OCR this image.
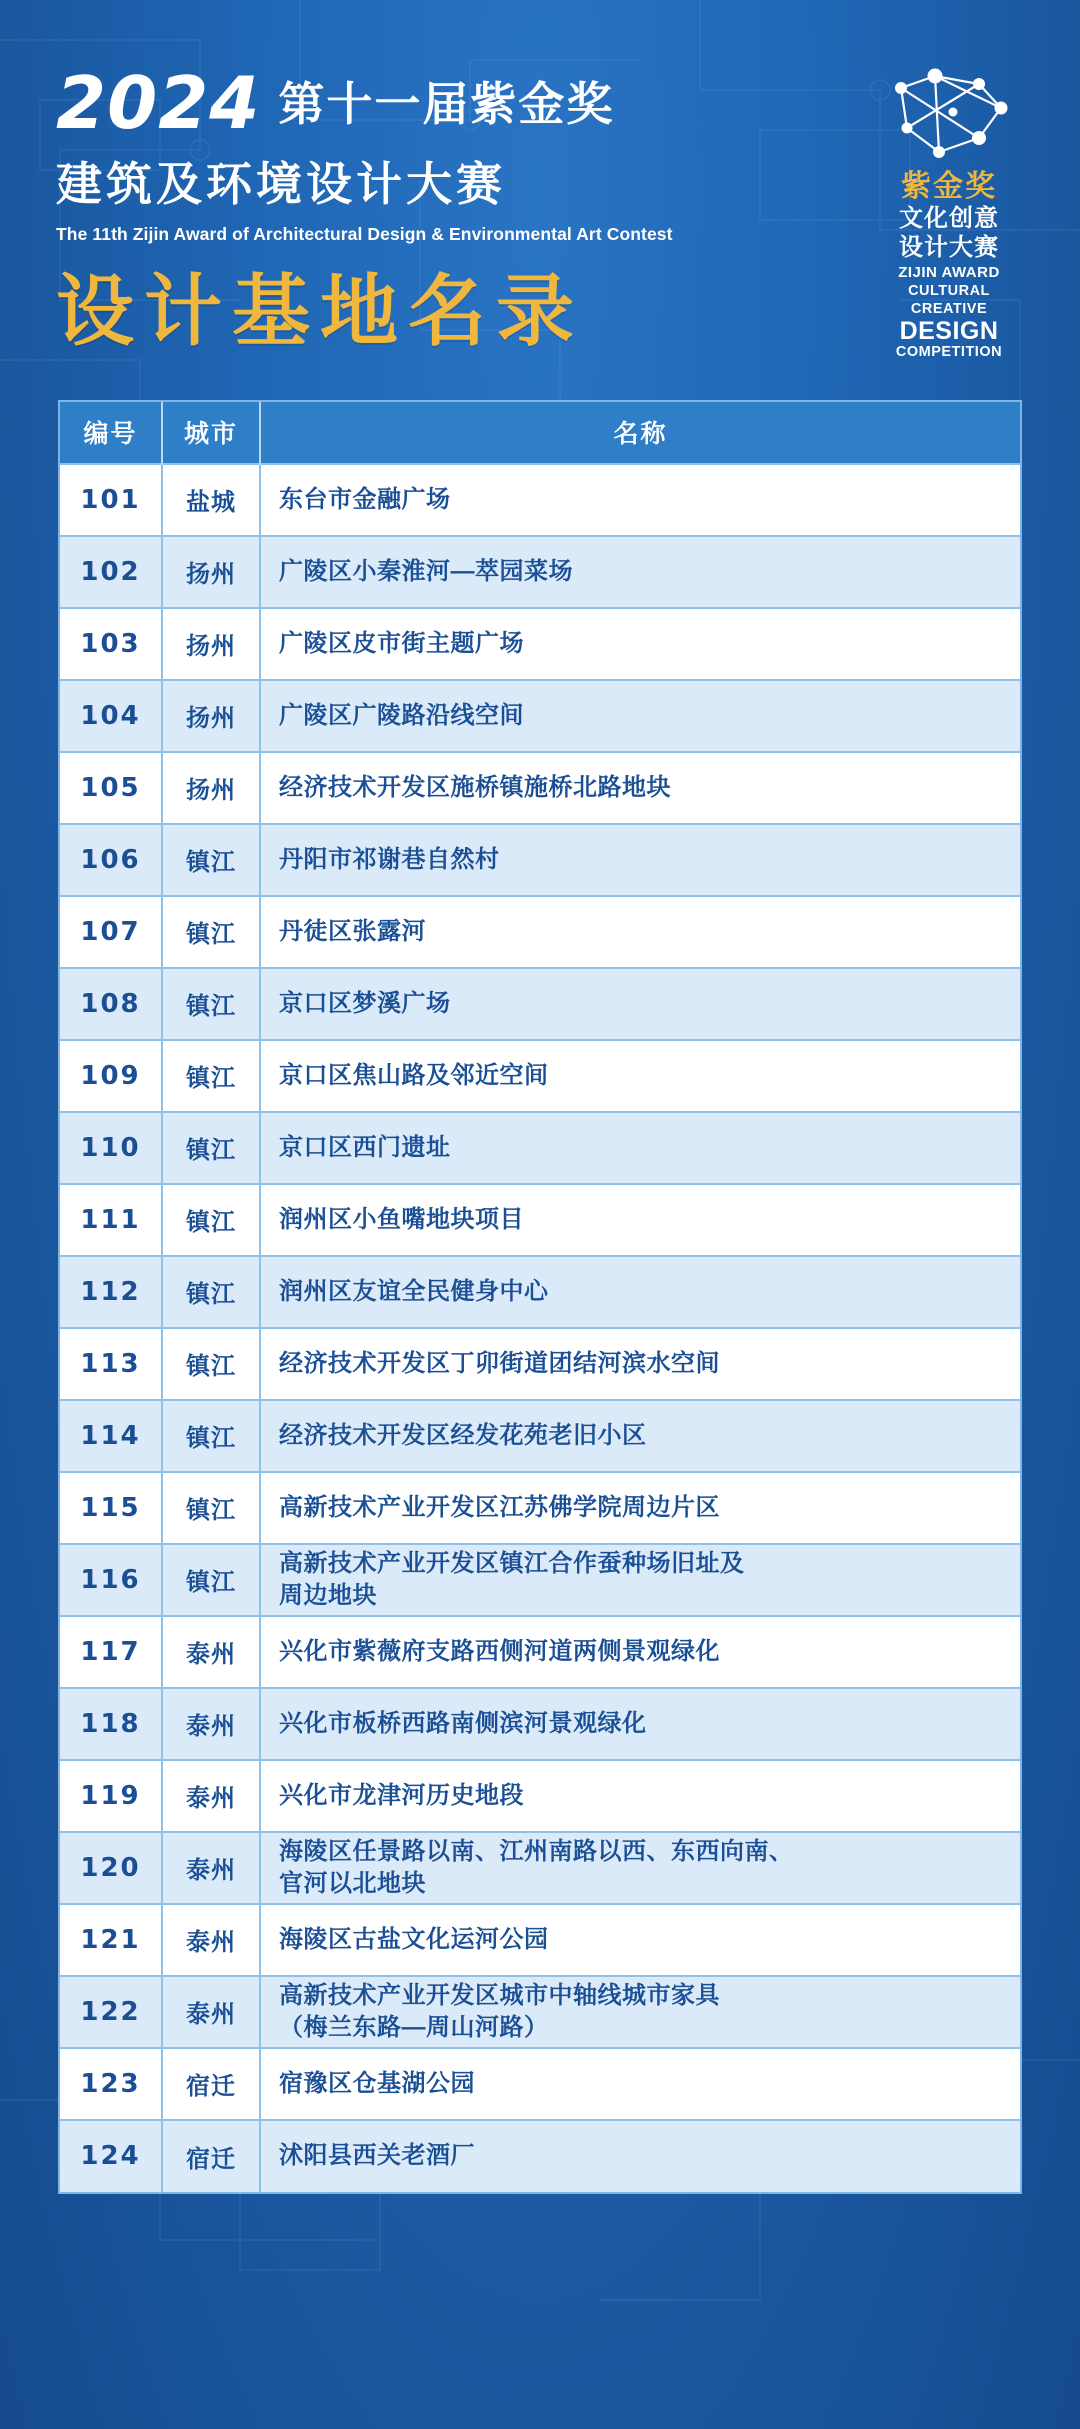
2024 第十一届紫金奖
建筑及环境设计大赛
The 11th Zijin Award of Architectural Design & Environmental Art Contest
设计基地名录
紫金奖
文化创意
设计大赛
ZIJIN AWARD
CULTURAL CREATIVE
DESIGN
COMPETITION
编号	城市	名称
101	盐城	东台市金融广场

102	扬州	广陵区小秦淮河—萃园菜场

103	扬州	广陵区皮市街主题广场

104	扬州	广陵区广陵路沿线空间

105	扬州	经济技术开发区施桥镇施桥北路地块

106	镇江	丹阳市祁谢巷自然村

107	镇江	丹徒区张露河

108	镇江	京口区梦溪广场

109	镇江	京口区焦山路及邻近空间

110	镇江	京口区西门遗址

111	镇江	润州区小鱼嘴地块项目

112	镇江	润州区友谊全民健身中心

113	镇江	经济技术开发区丁卯街道团结河滨水空间

114	镇江	经济技术开发区经发花苑老旧小区

115	镇江	高新技术产业开发区江苏佛学院周边片区

116	镇江	高新技术产业开发区镇江合作蚕种场旧址及
周边地块

117	泰州	兴化市紫薇府支路西侧河道两侧景观绿化

118	泰州	兴化市板桥西路南侧滨河景观绿化

119	泰州	兴化市龙津河历史地段

120	泰州	海陵区任景路以南、江州南路以西、东西向南、
官河以北地块

121	泰州	海陵区古盐文化运河公园

122	泰州	高新技术产业开发区城市中轴线城市家具
（梅兰东路—周山河路）

123	宿迁	宿豫区仓基湖公园

124	宿迁	沭阳县西关老酒厂
